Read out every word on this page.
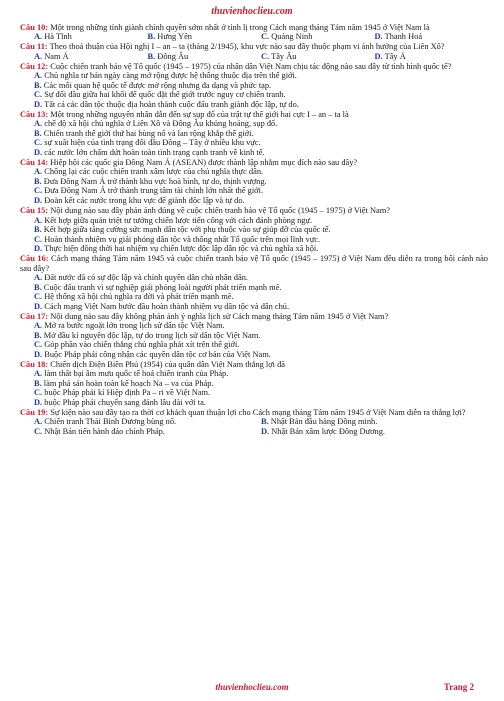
thuvienhoclieu.com
Câu 10: Một trong những tỉnh giành chính quyền sớm nhất ở tỉnh lị trong Cách mạng tháng Tám năm 1945 ở Việt Nam là
A. Hà Tĩnh	B. Hưng Yên	C. Quảng Ninh	D. Thanh Hoá
Câu 11: Theo thoả thuận của Hội nghị I – an – ta (tháng 2/1945), khu vực nào sau đây thuộc phạm vi ảnh hưởng của Liên Xô?
A. Nam Á	B. Đông Âu	C. Tây Âu	D. Tây Á
Câu 12: Cuộc chiến tranh bảo vệ Tổ quốc (1945 – 1975) của nhân dân Việt Nam chịu tác động nào sau đây từ tình hình quốc tế?
A. Chủ nghĩa tư bản ngày càng mở rộng được hệ thống thuộc địa trên thế giới.
B. Các mối quan hệ quốc tế được mở rộng nhưng đa dạng và phức tạp.
C. Sự đối đầu giữa hai khối đế quốc đặt thế giới trước nguy cơ chiến tranh.
D. Tất cả các dân tộc thuộc địa hoàn thành cuộc đấu tranh giành độc lập, tự do.
Câu 13: Một trong những nguyên nhân dẫn đến sự sụp đổ của trật tự thế giới hai cực I – an – ta là
A. chế độ xã hội chủ nghĩa ở Liên Xô và Đông Âu khủng hoảng, sụp đổ.
B. Chiến tranh thế giới thứ hai bùng nổ và lan rộng khắp thế giới.
C. sự xuất hiện của tình trạng đối đầu Đông – Tây ở nhiều khu vực.
D. các nước lớn chấm dứt hoàn toàn tình trạng cạnh tranh về kinh tế.
Câu 14: Hiệp hội các quốc gia Đông Nam Á (ASEAN) được thành lập nhằm mục đích nào sau đây?
A. Chống lại các cuộc chiến tranh xâm lược của chủ nghĩa thực dân.
B. Đưa Đông Nam Á trở thành khu vực hoà bình, tự do, thịnh vượng.
C. Đưa Đông Nam Á trở thành trung tâm tài chính lớn nhất thế giới.
D. Đoàn kết các nước trong khu vực để giành độc lập và tự do.
Câu 15: Nội dung nào sau đây phản ánh đúng về cuộc chiến tranh bảo vệ Tổ quốc (1945 – 1975) ở Việt Nam?
A. Kết hợp giữa quán triệt tư tưởng chiến lược tiến công với cách đánh phòng ngự.
B. Kết hợp giữa tăng cường sức mạnh dân tộc với phụ thuộc vào sự giúp đỡ của quốc tế.
C. Hoàn thành nhiệm vụ giải phóng dân tộc và thống nhất Tổ quốc trên mọi lĩnh vực.
D. Thực hiện đồng thời hai nhiệm vụ chiến lược độc lập dân tộc và chủ nghĩa xã hội.
Câu 16: Cách mạng tháng Tám năm 1945 và cuộc chiến tranh bảo vệ Tổ quốc (1945 – 1975) ở Việt Nam đều diễn ra trong bối cảnh nào sau đây?
A. Đất nước đã có sự độc lập và chính quyền dân chủ nhân dân.
B. Cuộc đấu tranh vì sự nghiệp giải phóng loài người phát triển mạnh mẽ.
C. Hệ thống xã hội chủ nghĩa ra đời và phát triển mạnh mẽ.
D. Cách mạng Việt Nam bước đầu hoàn thành nhiệm vụ dân tộc và dân chủ.
Câu 17: Nội dung nào sau đây không phản ánh ý nghĩa lịch sử Cách mạng tháng Tám năm 1945 ở Việt Nam?
A. Mở ra bước ngoặt lớn trong lịch sử dân tộc Việt Nam.
B. Mở đầu kỉ nguyên độc lập, tự do trong lịch sử dân tộc Việt Nam.
C. Góp phần vào chiến thắng chủ nghĩa phát xít trên thế giới.
D. Buộc Pháp phải công nhận các quyền dân tộc cơ bản của Việt Nam.
Câu 18: Chiến dịch Điện Biên Phủ (1954) của quân dân Việt Nam thắng lợi đã
A. làm thất bại âm mưu quốc tế hoá chiến tranh của Pháp.
B. làm phá sản hoàn toàn kế hoạch Na – va của Pháp.
C. buộc Pháp phải kí Hiệp định Pa – ri về Việt Nam.
D. buộc Pháp phải chuyển sang đánh lâu dài với ta.
Câu 19: Sự kiện nào sau đây tạo ra thời cơ khách quan thuận lợi cho Cách mạng tháng Tám năm 1945 ở Việt Nam diễn ra thắng lợi?
A. Chiến tranh Thái Bình Dương bùng nổ.	B. Nhật Bản đầu hàng Đồng minh.
C. Nhật Bản tiến hành đảo chính Pháp.	D. Nhật Bản xâm lược Đông Dương.
thuvienhoclieu.com	Trang 2
